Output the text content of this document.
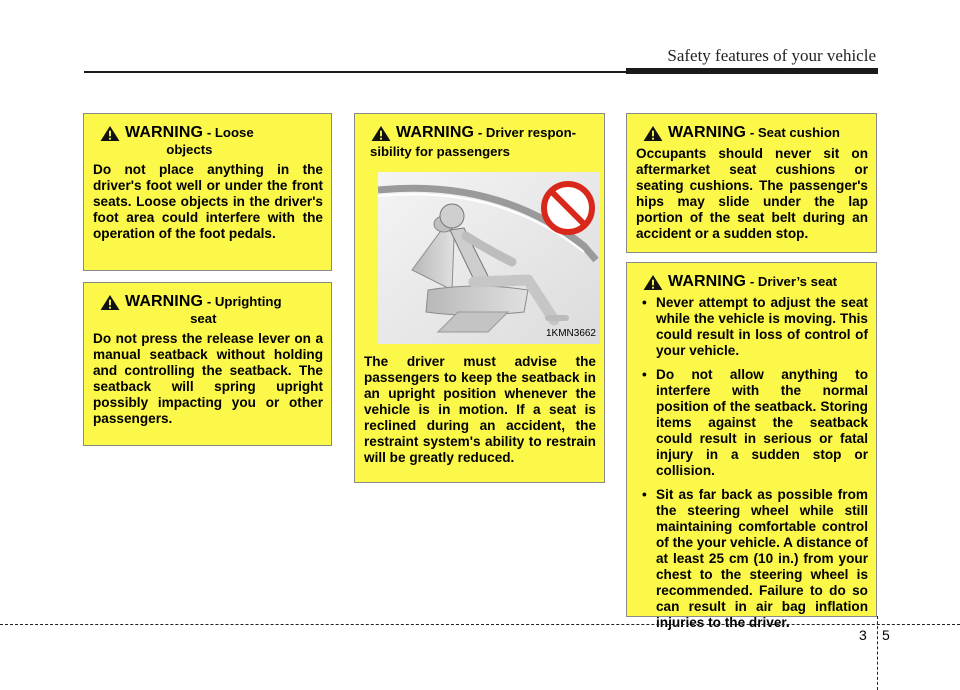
Safety features of your vehicle
WARNING - Loose
objects
Do not place anything in the driver's foot well or under the front seats. Loose objects in the driver's foot area could interfere with the operation of the foot pedals.
WARNING - Uprighting
seat
Do not press the release lever on a manual seatback without holding and controlling the seatback. The seatback will spring upright possibly impacting you or other passengers.
WARNING - Driver respon-
sibility for passengers
1KMN3662
The driver must advise the passengers to keep the seatback in an upright position whenever the vehicle is in motion. If a seat is reclined during an accident, the restraint system's ability to restrain will be greatly reduced.
WARNING - Seat cushion
Occupants should never sit on aftermarket seat cushions or seating cushions. The passenger's hips may slide under the lap portion of the seat belt during an accident or a sudden stop.
WARNING - Driver’s seat
• Never attempt to adjust the seat while the vehicle is moving. This could result in loss of control of your vehicle.
• Do not allow anything to interfere with the normal position of the seatback. Storing items against the seatback could result in serious or fatal injury in a sudden stop or collision.
• Sit as far back as possible from the steering wheel while still maintaining comfortable control of the your vehicle. A distance of at least 25 cm (10 in.) from your chest to the steering wheel is recommended. Failure to do so can result in air bag inflation injuries to the driver.
3 5
